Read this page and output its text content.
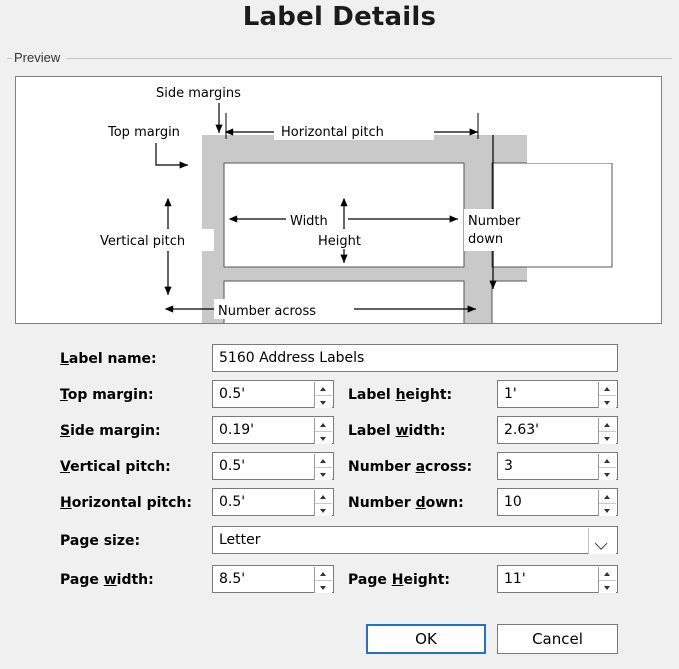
Label Details
Preview
Side margins
Top margin	Horizontal pitch
Vertical pitch
Width
Height
Number
down
Number across
Label name:	5160 Address Labels
Top margin:	0.5'	Label height:	1'
Side margin:	0.19'	Label width:	2.63'
Vertical pitch:	0.5'	Number across:	3
Horizontal pitch:	0.5'	Number down:	10
Page size:	Letter
Page width:	8.5'	Page Height:	11'
OK	Cancel
